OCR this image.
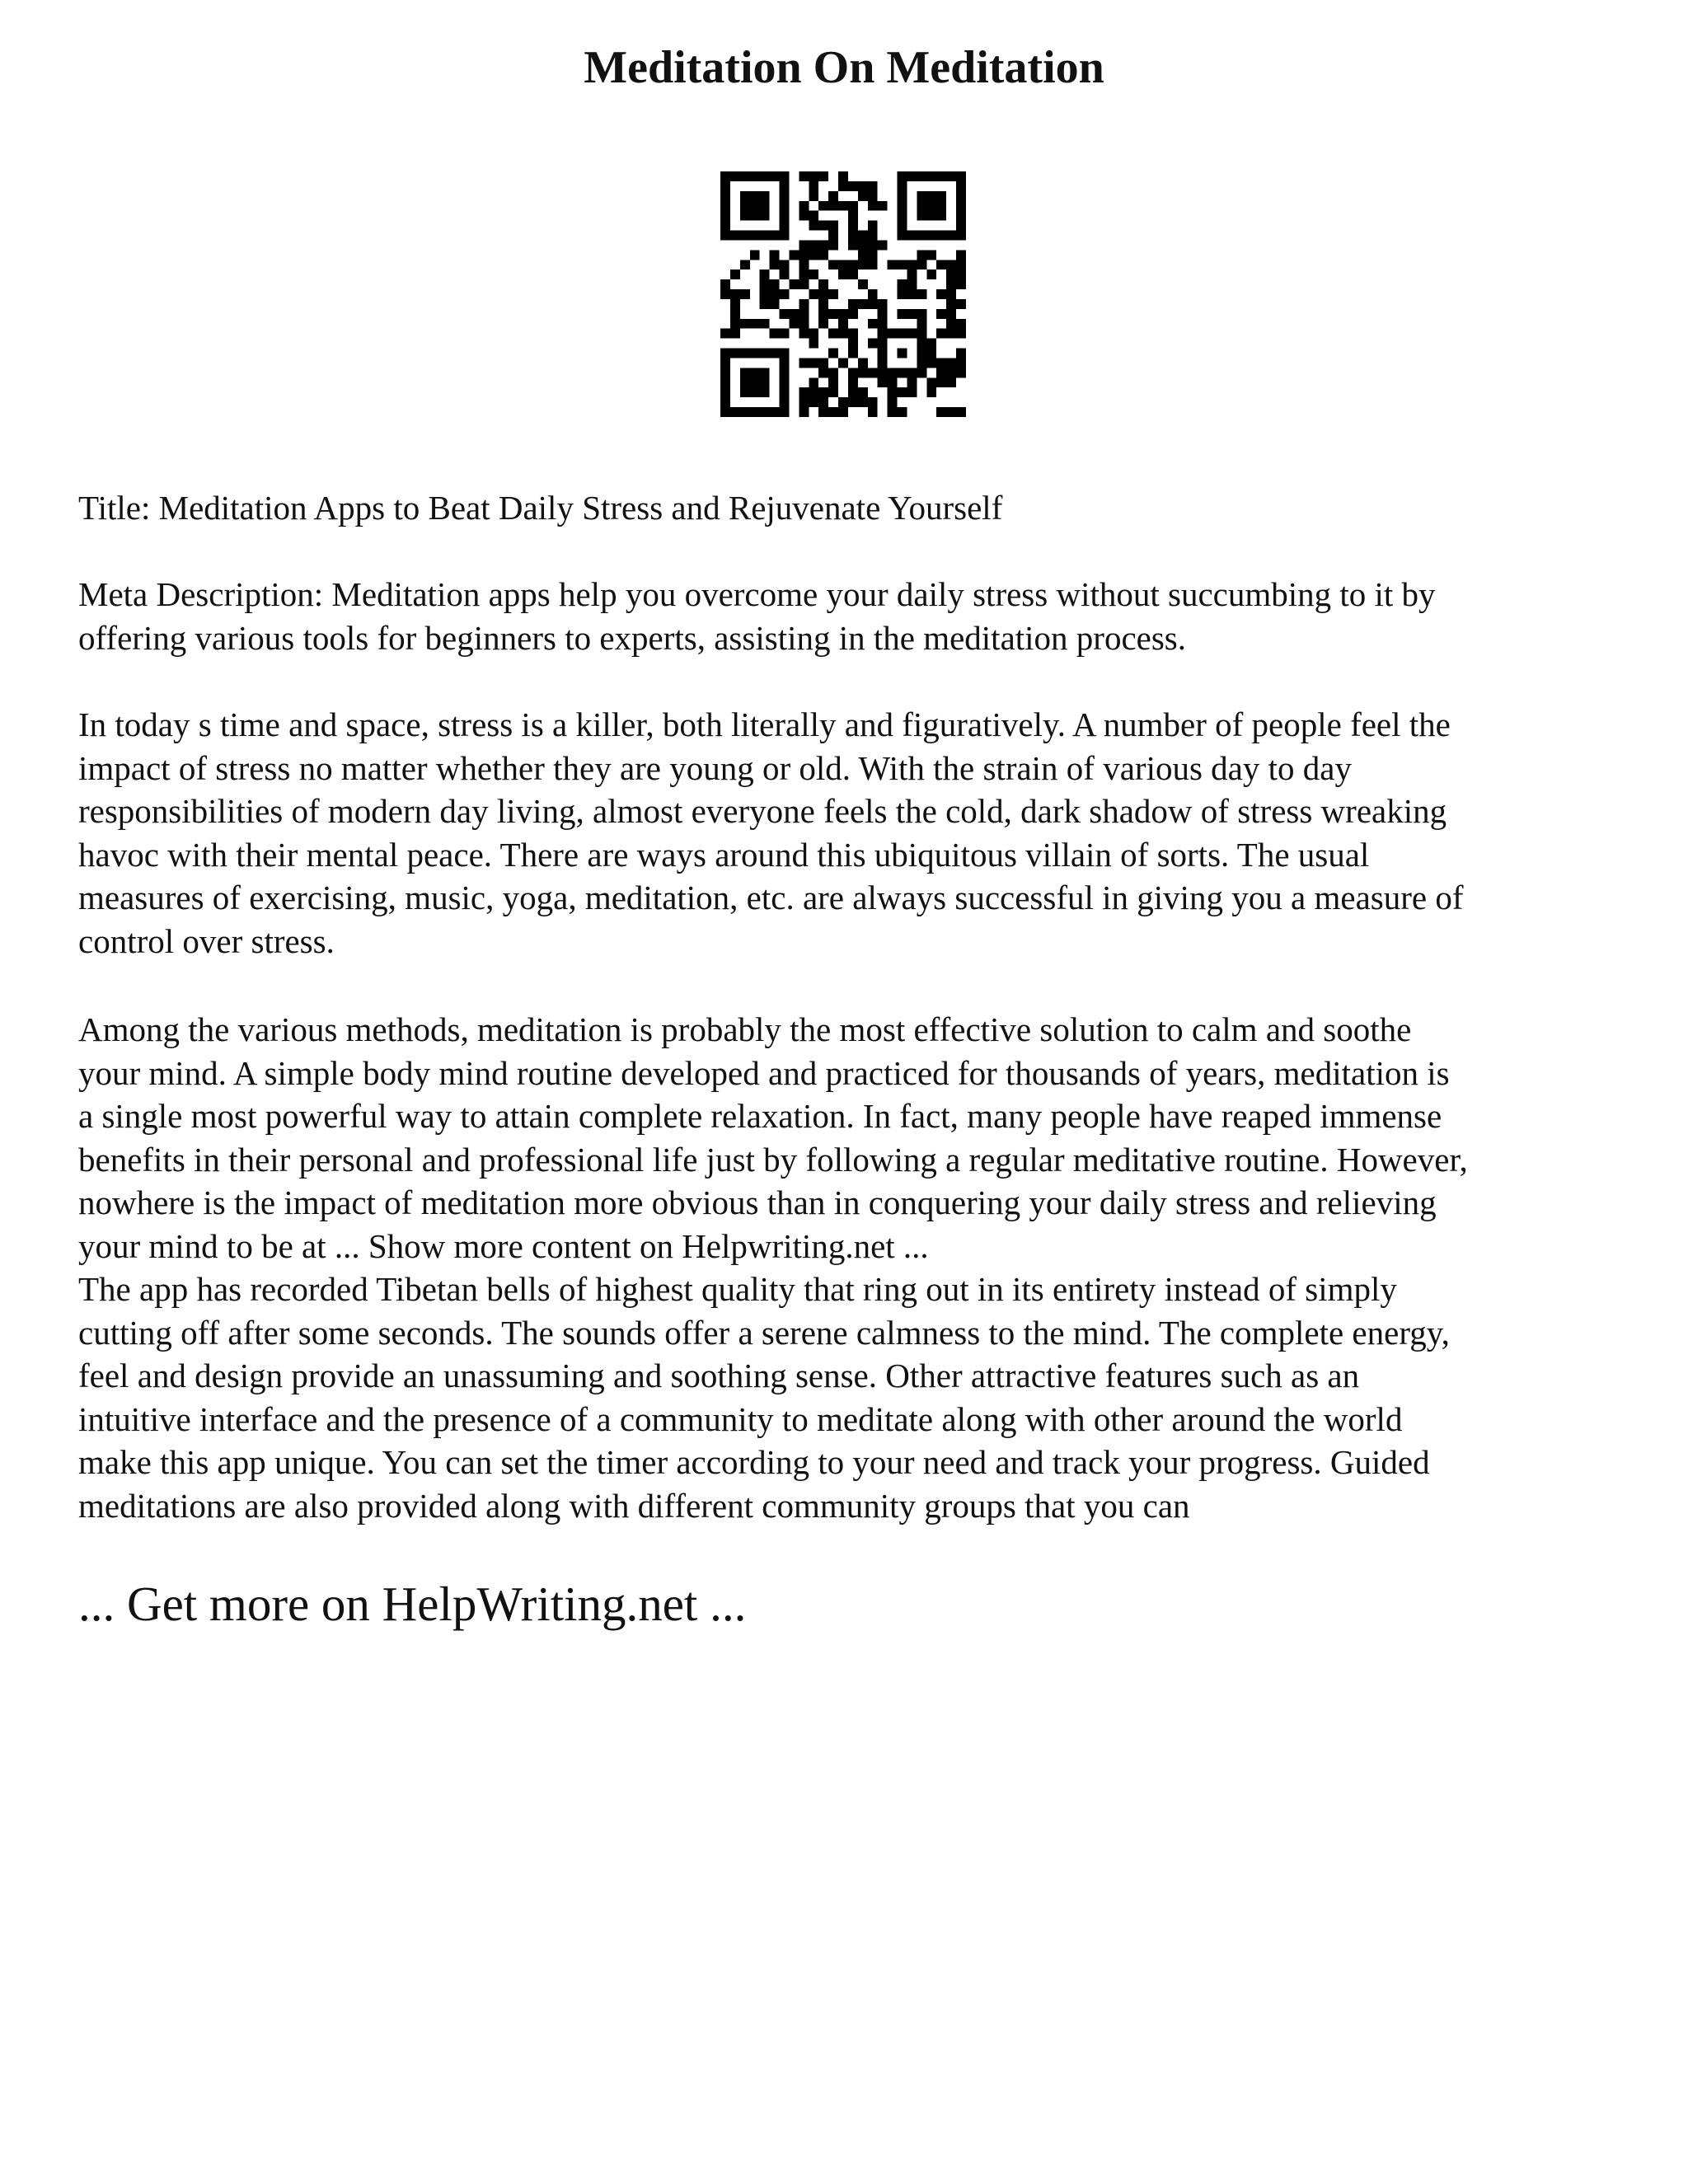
Meditation On Meditation

Title: Meditation Apps to Beat Daily Stress and Rejuvenate Yourself

Meta Description: Meditation apps help you overcome your daily stress without succumbing to it by
offering various tools for beginners to experts, assisting in the meditation process.

In today s time and space, stress is a killer, both literally and figuratively. A number of people feel the
impact of stress no matter whether they are young or old. With the strain of various day to day
responsibilities of modern day living, almost everyone feels the cold, dark shadow of stress wreaking
havoc with their mental peace. There are ways around this ubiquitous villain of sorts. The usual
measures of exercising, music, yoga, meditation, etc. are always successful in giving you a measure of
control over stress.

Among the various methods, meditation is probably the most effective solution to calm and soothe
your mind. A simple body mind routine developed and practiced for thousands of years, meditation is
a single most powerful way to attain complete relaxation. In fact, many people have reaped immense
benefits in their personal and professional life just by following a regular meditative routine. However,
nowhere is the impact of meditation more obvious than in conquering your daily stress and relieving
your mind to be at ... Show more content on Helpwriting.net ...

The app has recorded Tibetan bells of highest quality that ring out in its entirety instead of simply
cutting off after some seconds. The sounds offer a serene calmness to the mind. The complete energy,
feel and design provide an unassuming and soothing sense. Other attractive features such as an
intuitive interface and the presence of a community to meditate along with other around the world
make this app unique. You can set the timer according to your need and track your progress. Guided
meditations are also provided along with different community groups that you can

... Get more on HelpWriting.net ...
